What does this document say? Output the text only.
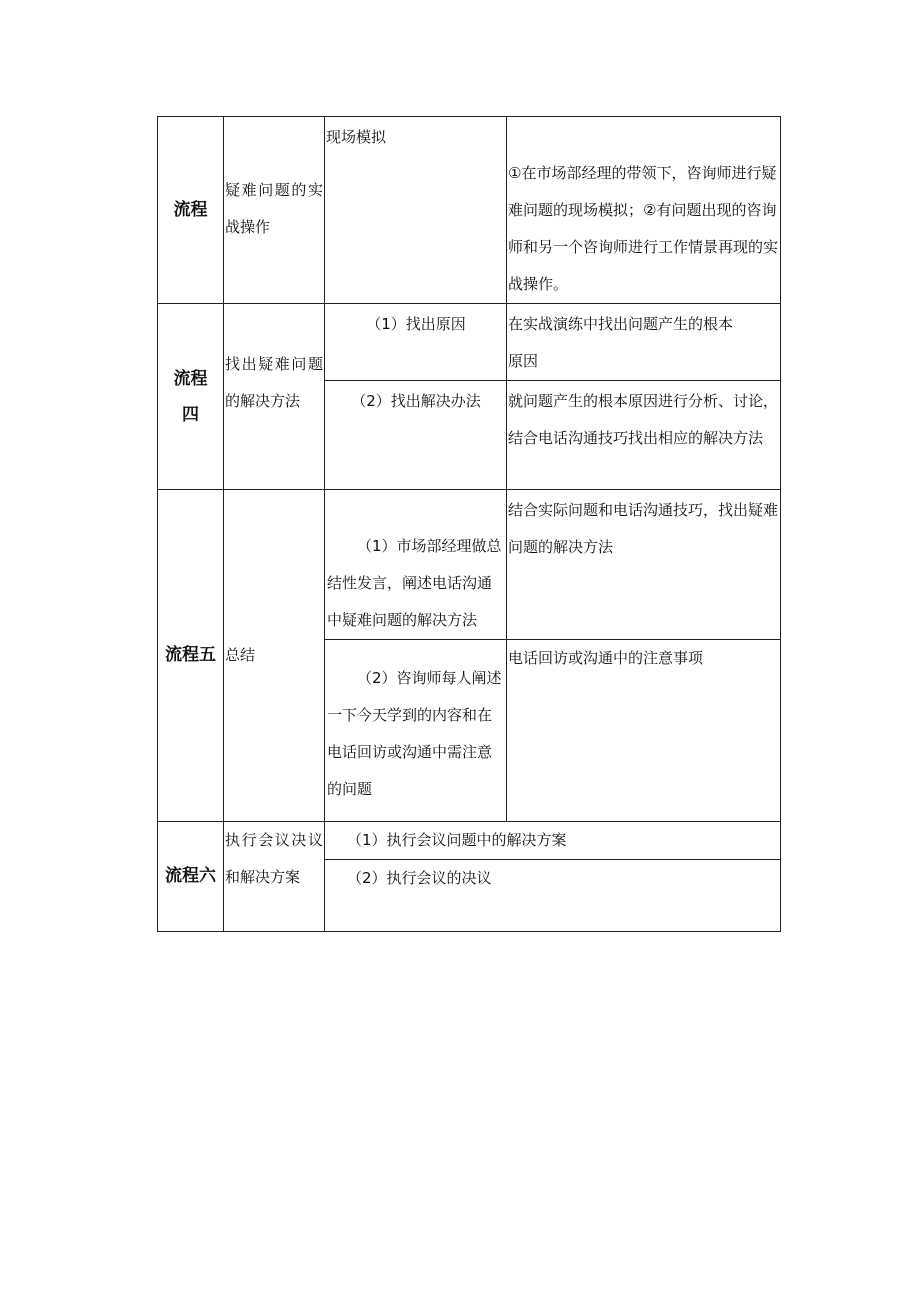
流程	疑难问题的实战操作	现场模拟	①在市场部经理的带领下，咨询师进行疑难问题的现场模拟；②有问题出现的咨询师和另一个咨询师进行工作情景再现的实战操作。

流程四	找出疑难问题的解决方法	（1）找出原因	在实战演练中找出问题产生的根本原因

		（2）找出解决办法	就问题产生的根本原因进行分析、讨论，结合电话沟通技巧找出相应的解决方法

流程五	总结	（1）市场部经理做总结性发言，阐述电话沟通中疑难问题的解决方法	结合实际问题和电话沟通技巧，找出疑难问题的解决方法

		（2）咨询师每人阐述一下今天学到的内容和在电话回访或沟通中需注意的问题	电话回访或沟通中的注意事项

流程六	执行会议决议和解决方案	（1）执行会议问题中的解决方案	

		（2）执行会议的决议	
